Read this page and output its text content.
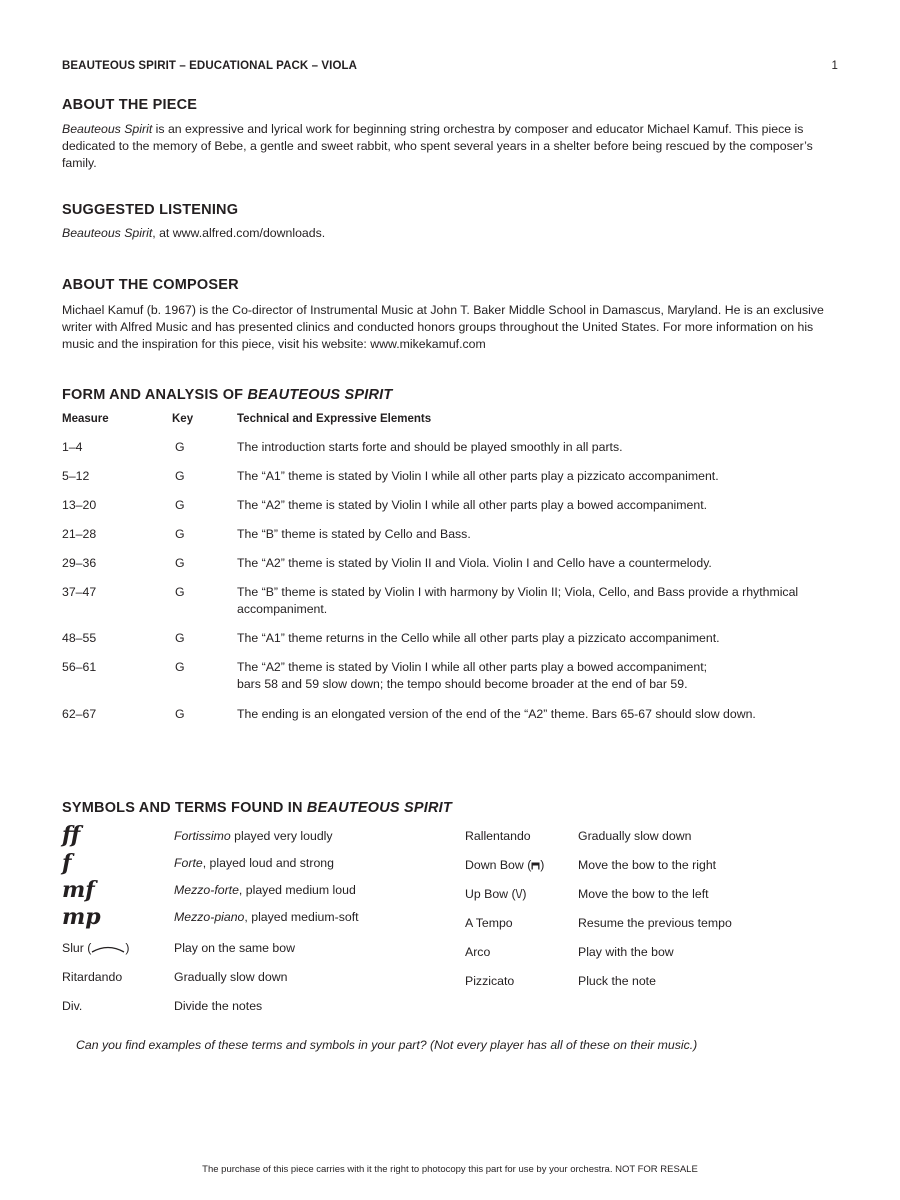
BEAUTEOUS SPIRIT – EDUCATIONAL PACK – VIOLA	1
ABOUT THE PIECE
Beauteous Spirit is an expressive and lyrical work for beginning string orchestra by composer and educator Michael Kamuf. This piece is dedicated to the memory of Bebe, a gentle and sweet rabbit, who spent several years in a shelter before being rescued by the composer’s family.
SUGGESTED LISTENING
Beauteous Spirit, at www.alfred.com/downloads.
ABOUT THE COMPOSER
Michael Kamuf (b. 1967) is the Co-director of Instrumental Music at John T. Baker Middle School in Damascus, Maryland. He is an exclusive writer with Alfred Music and has presented clinics and conducted honors groups throughout the United States. For more information on his music and the inspiration for this piece, visit his website: www.mikekamuf.com
FORM AND ANALYSIS OF BEAUTEOUS SPIRIT
Measure	Key	Technical and Expressive Elements
1–4	G	The introduction starts forte and should be played smoothly in all parts.
5–12	G	The “A1” theme is stated by Violin I while all other parts play a pizzicato accompaniment.
13–20	G	The “A2” theme is stated by Violin I while all other parts play a bowed accompaniment.
21–28	G	The “B” theme is stated by Cello and Bass.
29–36	G	The “A2” theme is stated by Violin II and Viola. Violin I and Cello have a countermelody.
37–47	G	The “B” theme is stated by Violin I with harmony by Violin II; Viola, Cello, and Bass provide a rhythmical accompaniment.
48–55	G	The “A1” theme returns in the Cello while all other parts play a pizzicato accompaniment.
56–61	G	The “A2” theme is stated by Violin I while all other parts play a bowed accompaniment;
bars 58 and 59 slow down; the tempo should become broader at the end of bar 59.
62–67	G	The ending is an elongated version of the end of the “A2” theme. Bars 65-67 should slow down.
SYMBOLS AND TERMS FOUND IN BEAUTEOUS SPIRIT
ff	Fortissimo played very loudly
f	Forte, played loud and strong
mf	Mezzo-forte, played medium loud
mp	Mezzo-piano, played medium-soft
Slur (	)	Play on the same bow
Ritardando	Gradually slow down
Div.	Divide the notes
Rallentando	Gradually slow down
Down Bow ( )	Move the bow to the right
Up Bow (\/)	Move the bow to the left
A Tempo	Resume the previous tempo
Arco	Play with the bow
Pizzicato	Pluck the note
Can you find examples of these terms and symbols in your part? (Not every player has all of these on their music.)
The purchase of this piece carries with it the right to photocopy this part for use by your orchestra. NOT FOR RESALE
